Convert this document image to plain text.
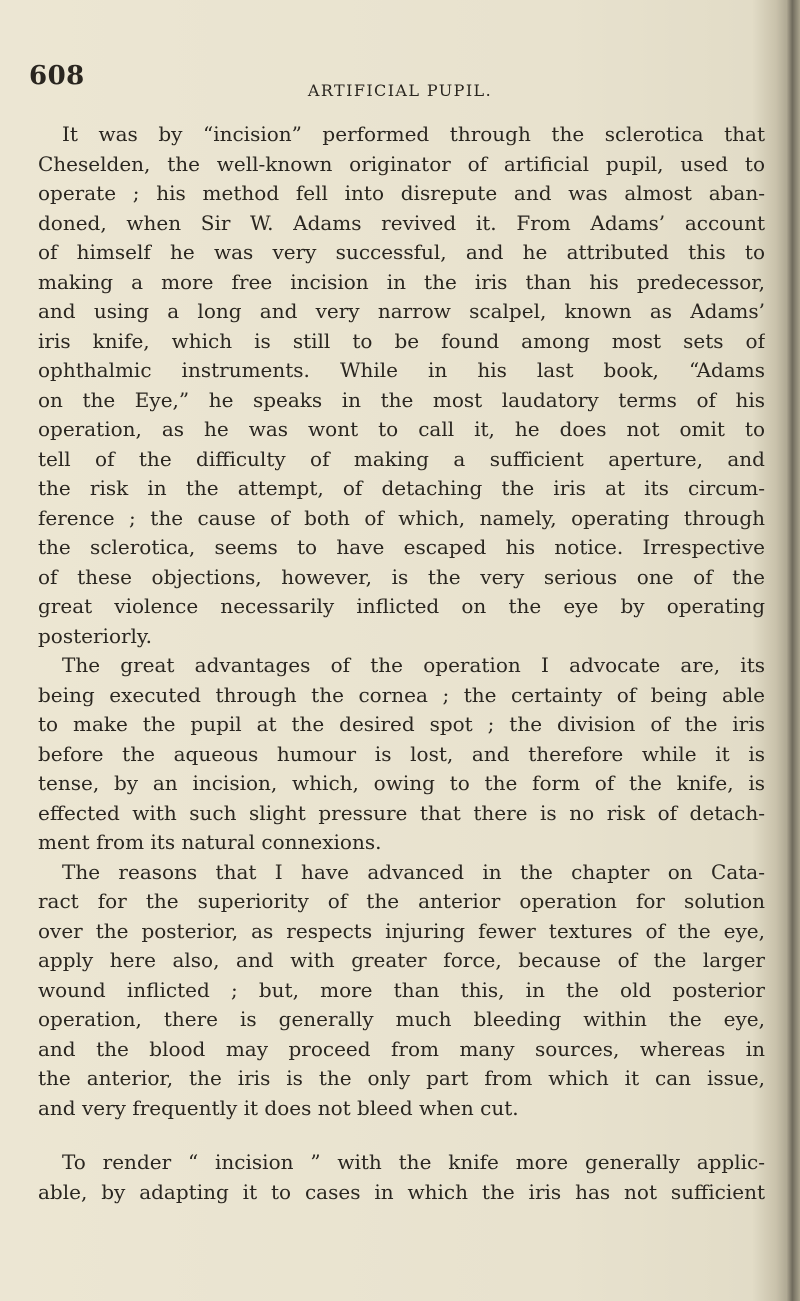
608	ARTIFICIAL PUPIL.
It was by “incision” performed through the sclerotica that
Cheselden, the well-known originator of artificial pupil, used to
operate ; his method fell into disrepute and was almost aban-
doned, when Sir W. Adams revived it. From Adams’ account
of himself he was very successful, and he attributed this to
making a more free incision in the iris than his predecessor,
and using a long and very narrow scalpel, known as Adams’
iris knife, which is still to be found among most sets of
ophthalmic instruments. While in his last book, “Adams
on the Eye,” he speaks in the most laudatory terms of his
operation, as he was wont to call it, he does not omit to
tell of the difficulty of making a sufficient aperture, and
the risk in the attempt, of detaching the iris at its circum-
ference ; the cause of both of which, namely, operating through
the sclerotica, seems to have escaped his notice. Irrespective
of these objections, however, is the very serious one of the
great violence necessarily inflicted on the eye by operating
posteriorly.
The great advantages of the operation I advocate are, its
being executed through the cornea ; the certainty of being able
to make the pupil at the desired spot ; the division of the iris
before the aqueous humour is lost, and therefore while it is
tense, by an incision, which, owing to the form of the knife, is
effected with such slight pressure that there is no risk of detach-
ment from its natural connexions.
The reasons that I have advanced in the chapter on Cata-
ract for the superiority of the anterior operation for solution
over the posterior, as respects injuring fewer textures of the eye,
apply here also, and with greater force, because of the larger
wound inflicted ; but, more than this, in the old posterior
operation, there is generally much bleeding within the eye,
and the blood may proceed from many sources, whereas in
the anterior, the iris is the only part from which it can issue,
and very frequently it does not bleed when cut.
To render “ incision ” with the knife more generally applic-
able, by adapting it to cases in which the iris has not sufficient
